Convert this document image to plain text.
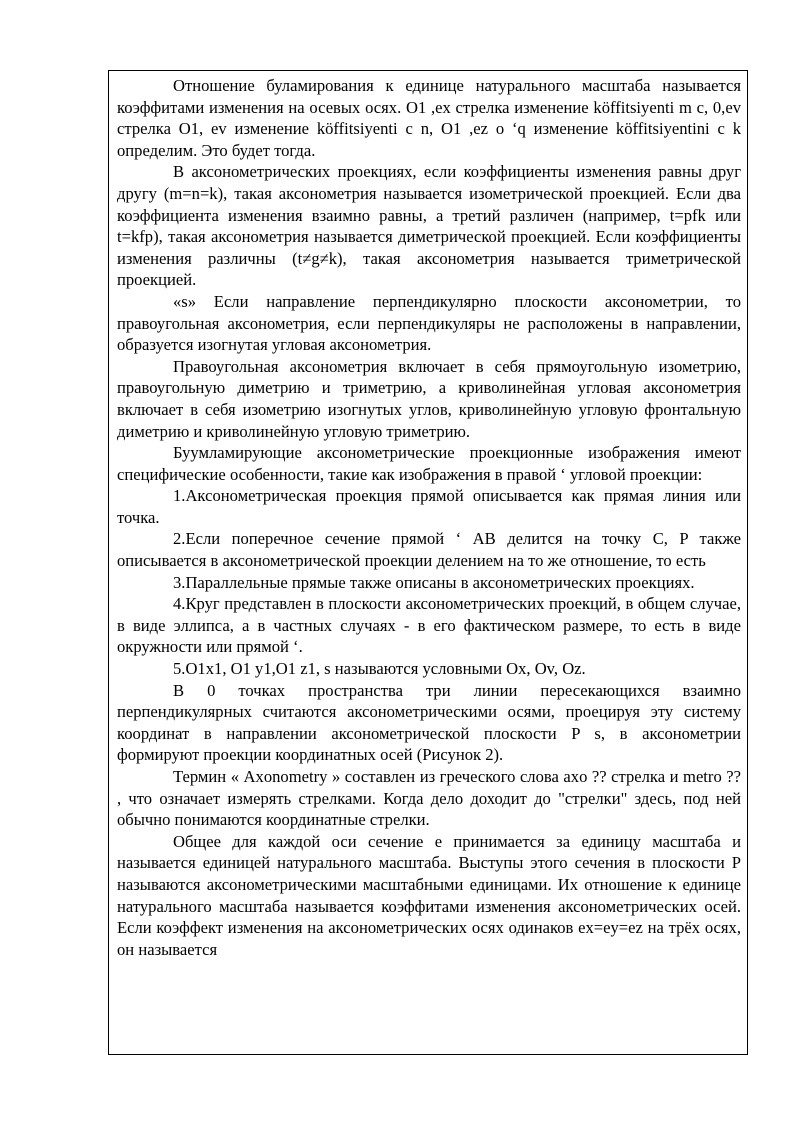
Отношение буламирования к единице натурального масштаба называется коэффитами изменения на осевых осях. O1 ,ex стрелка изменение köffitsiyenti m c, 0,ev стрелка O1, ev изменение köffitsiyenti c n, O1 ,ez o ‘q изменение köffitsiyentini c k определим. Это будет тогда.

В аксонометрических проекциях, если коэффициенты изменения равны друг другу (m=n=k), такая аксонометрия называется изометрической проекцией. Если два коэффициента изменения взаимно равны, а третий различен (например, t=pfk или t=kfp), такая аксонометрия называется диметрической проекцией. Если коэффициенты изменения различны (t≠g≠k), такая аксонометрия называется триметрической проекцией.

«s» Если направление перпендикулярно плоскости аксонометрии, то правоугольная аксонометрия, если перпендикуляры не расположены в направлении, образуется изогнутая угловая аксонометрия.

Правоугольная аксонометрия включает в себя прямоугольную изометрию, правоугольную диметрию и триметрию, а криволинейная угловая аксонометрия включает в себя изометрию изогнутых углов, криволинейную угловую фронтальную диметрию и криволинейную угловую триметрию.

Буумламирующие аксонометрические проекционные изображения имеют специфические особенности, такие как изображения в правой ‘ угловой проекции:

1.Аксонометрическая проекция прямой описывается как прямая линия или точка.

2.Если поперечное сечение прямой ‘ AB делится на точку C, P также описывается в аксонометрической проекции делением на то же отношение, то есть

3.Параллельные прямые также описаны в аксонометрических проекциях.

4.Круг представлен в плоскости аксонометрических проекций, в общем случае, в виде эллипса, а в частных случаях - в его фактическом размере, то есть в виде окружности или прямой ‘.

5.O1x1, O1 y1,O1 z1, s называются условными Ox, Ov, Oz.

В 0 точках пространства три линии пересекающихся взаимно перпендикулярных считаются аксонометрическими осями, проецируя эту систему координат в направлении аксонометрической плоскости P s, в аксонометрии формируют проекции координатных осей (Рисунок 2).

Термин « Axonometry » составлен из греческого слова axo ?? стрелка и metro ?? , что означает измерять стрелками. Когда дело доходит до "стрелки" здесь, под ней обычно понимаются координатные стрелки.

Общее для каждой оси сечение е принимается за единицу масштаба и называется единицей натурального масштаба. Выступы этого сечения в плоскости P называются аксонометрическими масштабными единицами. Их отношение к единице натурального масштаба называется коэффитами изменения аксонометрических осей. Если коэффект изменения на аксонометрических осях одинаков ex=ey=ez на трёх осях, он называется
